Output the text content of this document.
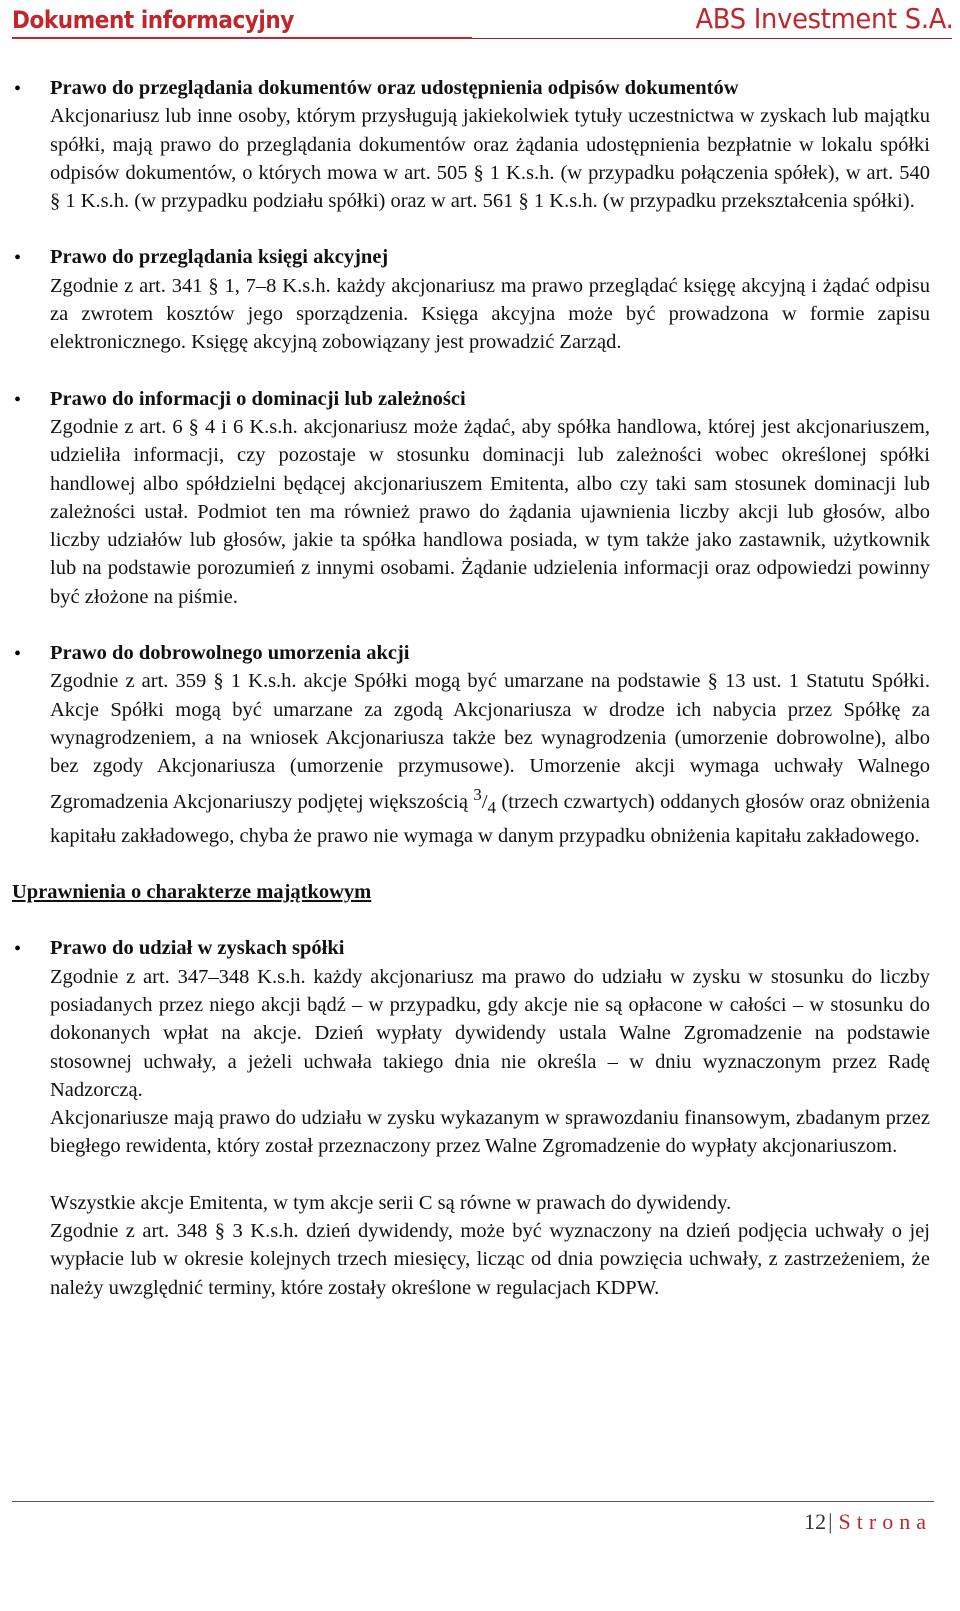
Dokument informacyjny	ABS Investment S.A.
• Prawo do przeglądania dokumentów oraz udostępnienia odpisów dokumentów
Akcjonariusz lub inne osoby, którym przysługują jakiekolwiek tytuły uczestnictwa w zyskach lub majątku spółki, mają prawo do przeglądania dokumentów oraz żądania udostępnienia bezpłatnie w lokalu spółki odpisów dokumentów, o których mowa w art. 505 § 1 K.s.h. (w przypadku połączenia spółek), w art. 540 § 1 K.s.h. (w przypadku podziału spółki) oraz w art. 561 § 1 K.s.h. (w przypadku przekształcenia spółki).
• Prawo do przeglądania księgi akcyjnej
Zgodnie z art. 341 § 1, 7–8 K.s.h. każdy akcjonariusz ma prawo przeglądać księgę akcyjną i żądać odpisu za zwrotem kosztów jego sporządzenia. Księga akcyjna może być prowadzona w formie zapisu elektronicznego. Księgę akcyjną zobowiązany jest prowadzić Zarząd.
• Prawo do informacji o dominacji lub zależności
Zgodnie z art. 6 § 4 i 6 K.s.h. akcjonariusz może żądać, aby spółka handlowa, której jest akcjonariuszem, udzieliła informacji, czy pozostaje w stosunku dominacji lub zależności wobec określonej spółki handlowej albo spółdzielni będącej akcjonariuszem Emitenta, albo czy taki sam stosunek dominacji lub zależności ustał. Podmiot ten ma również prawo do żądania ujawnienia liczby akcji lub głosów, albo liczby udziałów lub głosów, jakie ta spółka handlowa posiada, w tym także jako zastawnik, użytkownik lub na podstawie porozumień z innymi osobami. Żądanie udzielenia informacji oraz odpowiedzi powinny być złożone na piśmie.
• Prawo do dobrowolnego umorzenia akcji
Zgodnie z art. 359 § 1 K.s.h. akcje Spółki mogą być umarzane na podstawie § 13 ust. 1 Statutu Spółki. Akcje Spółki mogą być umarzane za zgodą Akcjonariusza w drodze ich nabycia przez Spółkę za wynagrodzeniem, a na wniosek Akcjonariusza także bez wynagrodzenia (umorzenie dobrowolne), albo bez zgody Akcjonariusza (umorzenie przymusowe). Umorzenie akcji wymaga uchwały Walnego Zgromadzenia Akcjonariuszy podjętej większością $^3/_4$ (trzech czwartych) oddanych głosów oraz obniżenia kapitału zakładowego, chyba że prawo nie wymaga w danym przypadku obniżenia kapitału zakładowego.
Uprawnienia o charakterze majątkowym
• Prawo do udział w zyskach spółki
Zgodnie z art. 347–348 K.s.h. każdy akcjonariusz ma prawo do udziału w zysku w stosunku do liczby posiadanych przez niego akcji bądź – w przypadku, gdy akcje nie są opłacone w całości – w stosunku do dokonanych wpłat na akcje. Dzień wypłaty dywidendy ustala Walne Zgromadzenie na podstawie stosownej uchwały, a jeżeli uchwała takiego dnia nie określa – w dniu wyznaczonym przez Radę Nadzorczą.
Akcjonariusze mają prawo do udziału w zysku wykazanym w sprawozdaniu finansowym, zbadanym przez biegłego rewidenta, który został przeznaczony przez Walne Zgromadzenie do wypłaty akcjonariuszom.
Wszystkie akcje Emitenta, w tym akcje serii C są równe w prawach do dywidendy.
Zgodnie z art. 348 § 3 K.s.h. dzień dywidendy, może być wyznaczony na dzień podjęcia uchwały o jej wypłacie lub w okresie kolejnych trzech miesięcy, licząc od dnia powzięcia uchwały, z zastrzeżeniem, że należy uwzględnić terminy, które zostały określone w regulacjach KDPW.
12| Strona
